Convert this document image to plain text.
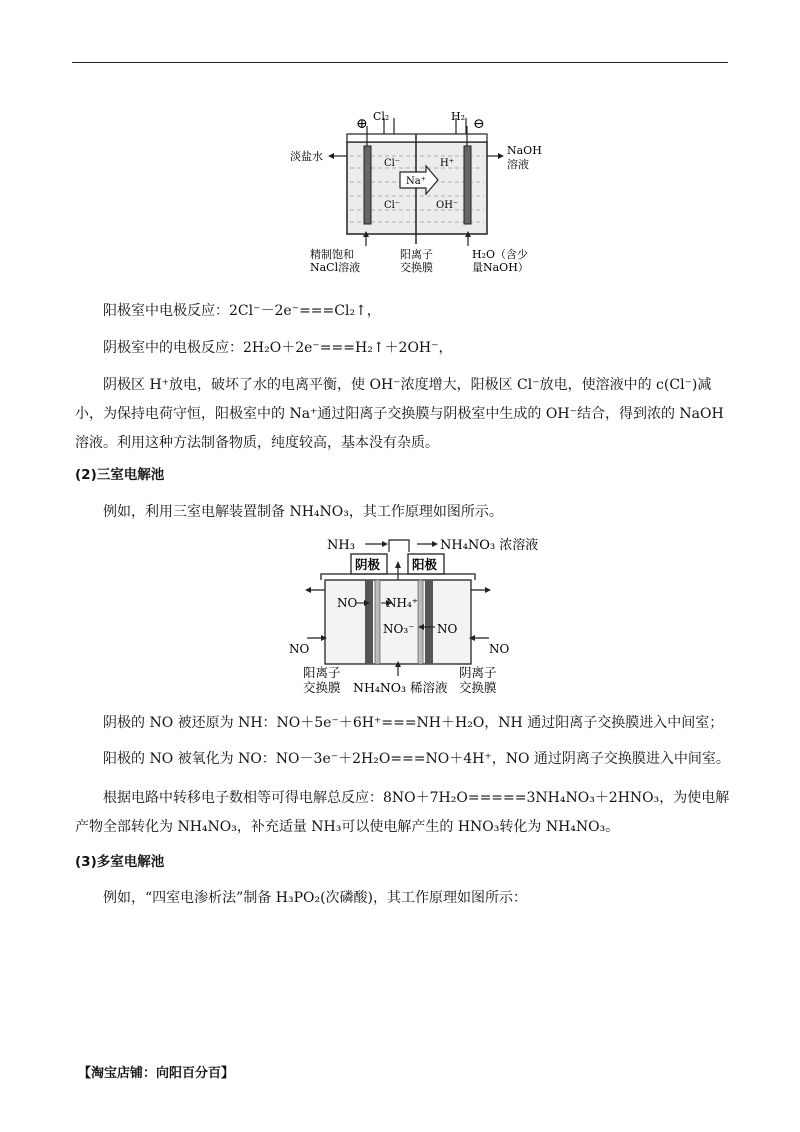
⊕	⊖
Cl₂	H₂
淡盐水	NaOH
溶液
Cl⁻	H⁺
Na⁺
Cl⁻	OH⁻
精制饱和
NaCl溶液
阳离子
交换膜
H₂O（含少
量NaOH）
阳极室中电极反应：2Cl⁻－2e⁻===Cl₂↑，
阴极室中的电极反应：2H₂O＋2e⁻===H₂↑＋2OH⁻，
阴极区 H⁺放电，破坏了水的电离平衡，使 OH⁻浓度增大，阳极区 Cl⁻放电，使溶液中的 c(Cl⁻)减小，为保持电荷守恒，阳极室中的 Na⁺通过阳离子交换膜与阴极室中生成的 OH⁻结合，得到浓的 NaOH 溶液。利用这种方法制备物质，纯度较高，基本没有杂质。
(2)三室电解池
例如，利用三室电解装置制备 NH₄NO₃，其工作原理如图所示。
NH₃	NH₄NO₃ 浓溶液
阴极	阳极
NO NH₄⁺
NO₃⁻ NO
NO	NO
阳离子
交换膜 NH₄NO₃ 稀溶液
阴离子
交换膜
阴极的 NO 被还原为 NH：NO＋5e⁻＋6H⁺===NH＋H₂O，NH 通过阳离子交换膜进入中间室；
阳极的 NO 被氧化为 NO：NO－3e⁻＋2H₂O===NO＋4H⁺，NO 通过阴离子交换膜进入中间室。
根据电路中转移电子数相等可得电解总反应：8NO＋7H₂O=====3NH₄NO₃＋2HNO₃，为使电解产物全部转化为 NH₄NO₃，补充适量 NH₃可以使电解产生的 HNO₃转化为 NH₄NO₃。
(3)多室电解池
例如，“四室电渗析法”制备 H₃PO₂(次磷酸)，其工作原理如图所示：
【淘宝店铺：向阳百分百】
